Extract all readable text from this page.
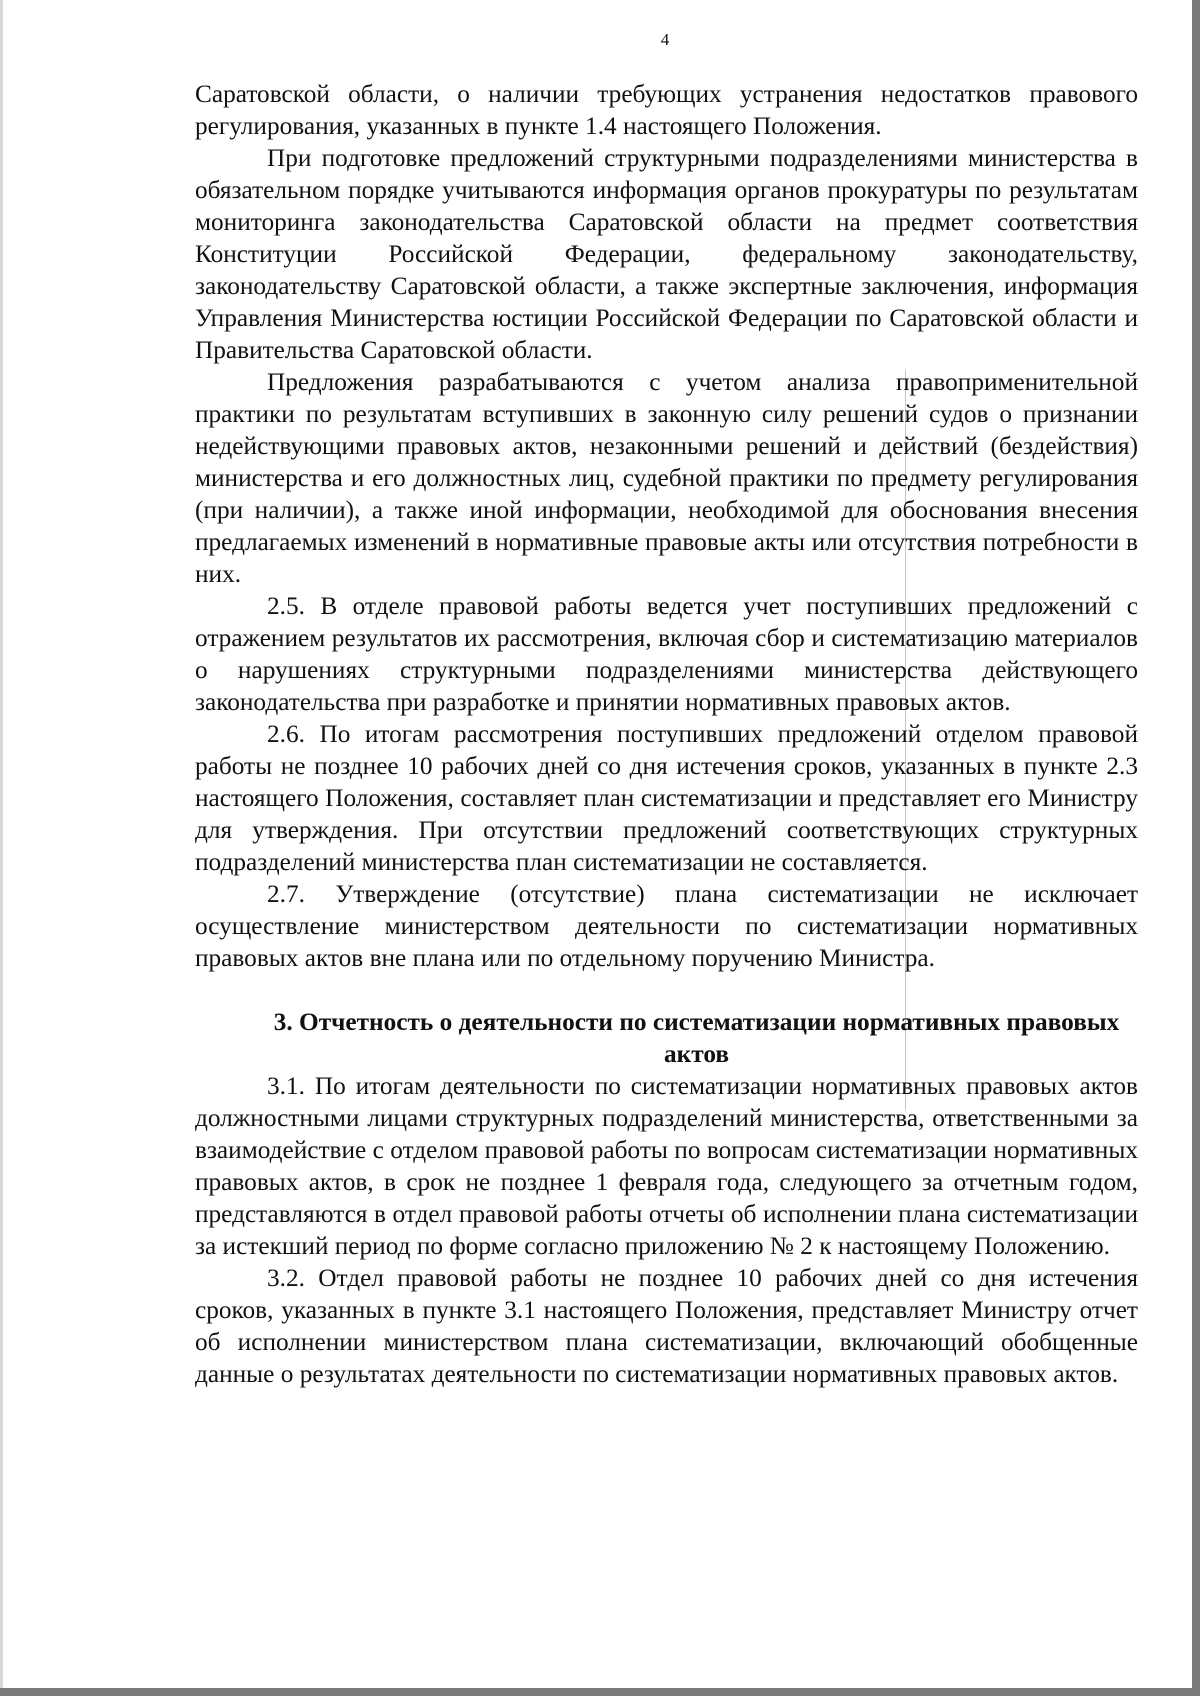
4

Саратовской области, о наличии требующих устранения недостатков правового регулирования, указанных в пункте 1.4 настоящего Положения.

При подготовке предложений структурными подразделениями министерства в обязательном порядке учитываются информация органов прокуратуры по результатам мониторинга законодательства Саратовской области на предмет соответствия Конституции Российской Федерации, федеральному законодательству, законодательству Саратовской области, а также экспертные заключения, информация Управления Министерства юстиции Российской Федерации по Саратовской области и Правительства Саратовской области.

Предложения разрабатываются с учетом анализа правоприменительной практики по результатам вступивших в законную силу решений судов о признании недействующими правовых актов, незаконными решений и действий (бездействия) министерства и его должностных лиц, судебной практики по предмету регулирования (при наличии), а также иной информации, необходимой для обоснования внесения предлагаемых изменений в нормативные правовые акты или отсутствия потребности в них.

2.5. В отделе правовой работы ведется учет поступивших предложений с отражением результатов их рассмотрения, включая сбор и систематизацию материалов о нарушениях структурными подразделениями министерства действующего законодательства при разработке и принятии нормативных правовых актов.

2.6. По итогам рассмотрения поступивших предложений отделом правовой работы не позднее 10 рабочих дней со дня истечения сроков, указанных в пункте 2.3 настоящего Положения, составляет план систематизации и представляет его Министру для утверждения. При отсутствии предложений соответствующих структурных подразделений министерства план систематизации не составляется.

2.7. Утверждение (отсутствие) плана систематизации не исключает осуществление министерством деятельности по систематизации нормативных правовых актов вне плана или по отдельному поручению Министра.

3. Отчетность о деятельности по систематизации нормативных правовых актов

3.1. По итогам деятельности по систематизации нормативных правовых актов должностными лицами структурных подразделений министерства, ответственными за взаимодействие с отделом правовой работы по вопросам систематизации нормативных правовых актов, в срок не позднее 1 февраля года, следующего за отчетным годом, представляются в отдел правовой работы отчеты об исполнении плана систематизации за истекший период по форме согласно приложению № 2 к настоящему Положению.

3.2. Отдел правовой работы не позднее 10 рабочих дней со дня истечения сроков, указанных в пункте 3.1 настоящего Положения, представляет Министру отчет об исполнении министерством плана систематизации, включающий обобщенные данные о результатах деятельности по систематизации нормативных правовых актов.
